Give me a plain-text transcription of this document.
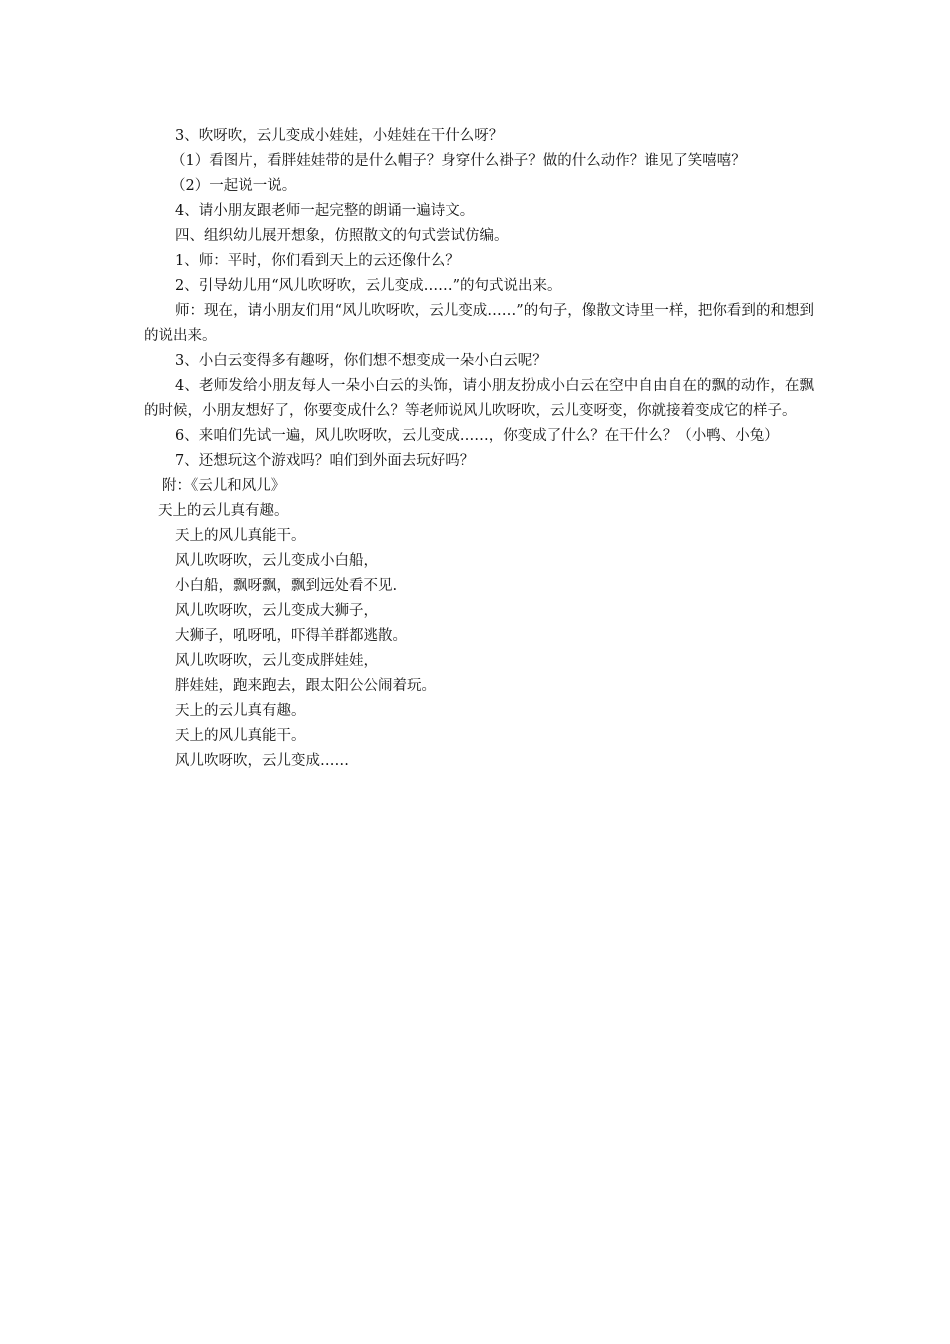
3、吹呀吹，云儿变成小娃娃，小娃娃在干什么呀？
（1）看图片，看胖娃娃带的是什么帽子？身穿什么褂子？做的什么动作？谁见了笑嘻嘻？
（2）一起说一说。
4、请小朋友跟老师一起完整的朗诵一遍诗文。
四、组织幼儿展开想象，仿照散文的句式尝试仿编。
1、师：平时，你们看到天上的云还像什么？
2、引导幼儿用“风儿吹呀吹，云儿变成……”的句式说出来。
师：现在，请小朋友们用“风儿吹呀吹，云儿变成……”的句子，像散文诗里一样，把你看到的和想到的说出来。
3、小白云变得多有趣呀，你们想不想变成一朵小白云呢？
4、老师发给小朋友每人一朵小白云的头饰，请小朋友扮成小白云在空中自由自在的飘的动作，在飘的时候，小朋友想好了，你要变成什么？等老师说风儿吹呀吹，云儿变呀变，你就接着变成它的样子。
6、来咱们先试一遍，风儿吹呀吹，云儿变成……，你变成了什么？在干什么？（小鸭、小兔）
7、还想玩这个游戏吗？咱们到外面去玩好吗？
附：《云儿和风儿》
天上的云儿真有趣。
天上的风儿真能干。
风儿吹呀吹，云儿变成小白船，
小白船，飘呀飘，飘到远处看不见.
风儿吹呀吹，云儿变成大狮子，
大狮子，吼呀吼，吓得羊群都逃散。
风儿吹呀吹，云儿变成胖娃娃，
胖娃娃，跑来跑去，跟太阳公公闹着玩。
天上的云儿真有趣。
天上的风儿真能干。
风儿吹呀吹，云儿变成……
